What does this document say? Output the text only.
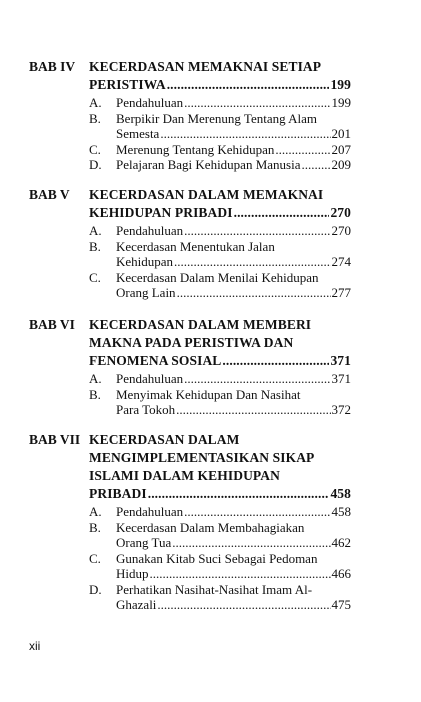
BAB IV	KECERDASAN MEMAKNAI SETIAP
PERISTIWA .....	199
A.	Pendahuluan .....	199
B.	Berpikir Dan Merenung Tentang Alam
Semesta .....	201
C.	Merenung Tentang Kehidupan .....	207
D.	Pelajaran Bagi Kehidupan Manusia ..... 209
BAB V	KECERDASAN DALAM MEMAKNAI
KEHIDUPAN PRIBADI .....	270
A.	Pendahuluan .....	270
B.	Kecerdasan Menentukan Jalan
Kehidupan .....	274
C.	Kecerdasan Dalam Menilai Kehidupan
Orang Lain .....	277
BAB VI	KECERDASAN DALAM MEMBERI
MAKNA PADA PERISTIWA DAN
FENOMENA SOSIAL .....	371
A.	Pendahuluan .....	371
B.	Menyimak Kehidupan Dan Nasihat
Para Tokoh .....	372
BAB VII KECERDASAN DALAM
MENGIMPLEMENTASIKAN SIKAP
ISLAMI DALAM KEHIDUPAN
PRIBADI .....	458
A.	Pendahuluan .....	458
B.	Kecerdasan Dalam Membahagiakan
Orang Tua .....	462
C.	Gunakan Kitab Suci Sebagai Pedoman
Hidup .....	466
D.	Perhatikan Nasihat-Nasihat Imam Al-
Ghazali .....	475
xii
